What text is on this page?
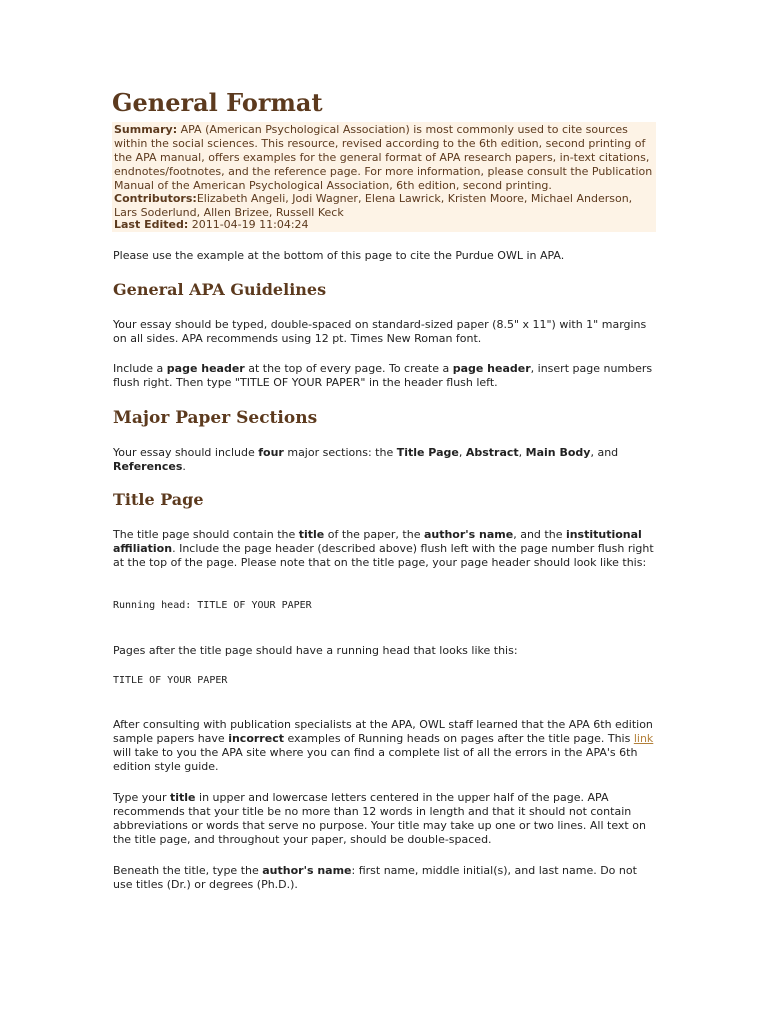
General Format

Summary: APA (American Psychological Association) is most commonly used to cite sources within the social sciences. This resource, revised according to the 6th edition, second printing of the APA manual, offers examples for the general format of APA research papers, in-text citations, endnotes/footnotes, and the reference page. For more information, please consult the Publication Manual of the American Psychological Association, 6th edition, second printing.

Contributors:Elizabeth Angeli, Jodi Wagner, Elena Lawrick, Kristen Moore, Michael Anderson, Lars Soderlund, Allen Brizee, Russell Keck

Last Edited: 2011-04-19 11:04:24

Please use the example at the bottom of this page to cite the Purdue OWL in APA.

General APA Guidelines

Your essay should be typed, double-spaced on standard-sized paper (8.5" x 11") with 1" margins on all sides. APA recommends using 12 pt. Times New Roman font.

Include a page header at the top of every page. To create a page header, insert page numbers flush right. Then type "TITLE OF YOUR PAPER" in the header flush left.

Major Paper Sections

Your essay should include four major sections: the Title Page, Abstract, Main Body, and References.

Title Page

The title page should contain the title of the paper, the author's name, and the institutional affiliation. Include the page header (described above) flush left with the page number flush right at the top of the page. Please note that on the title page, your page header should look like this:

Running head: TITLE OF YOUR PAPER

Pages after the title page should have a running head that looks like this:

TITLE OF YOUR PAPER

After consulting with publication specialists at the APA, OWL staff learned that the APA 6th edition sample papers have incorrect examples of Running heads on pages after the title page. This link will take to you the APA site where you can find a complete list of all the errors in the APA's 6th edition style guide.

Type your title in upper and lowercase letters centered in the upper half of the page. APA recommends that your title be no more than 12 words in length and that it should not contain abbreviations or words that serve no purpose. Your title may take up one or two lines. All text on the title page, and throughout your paper, should be double-spaced.

Beneath the title, type the author's name: first name, middle initial(s), and last name. Do not use titles (Dr.) or degrees (Ph.D.).
